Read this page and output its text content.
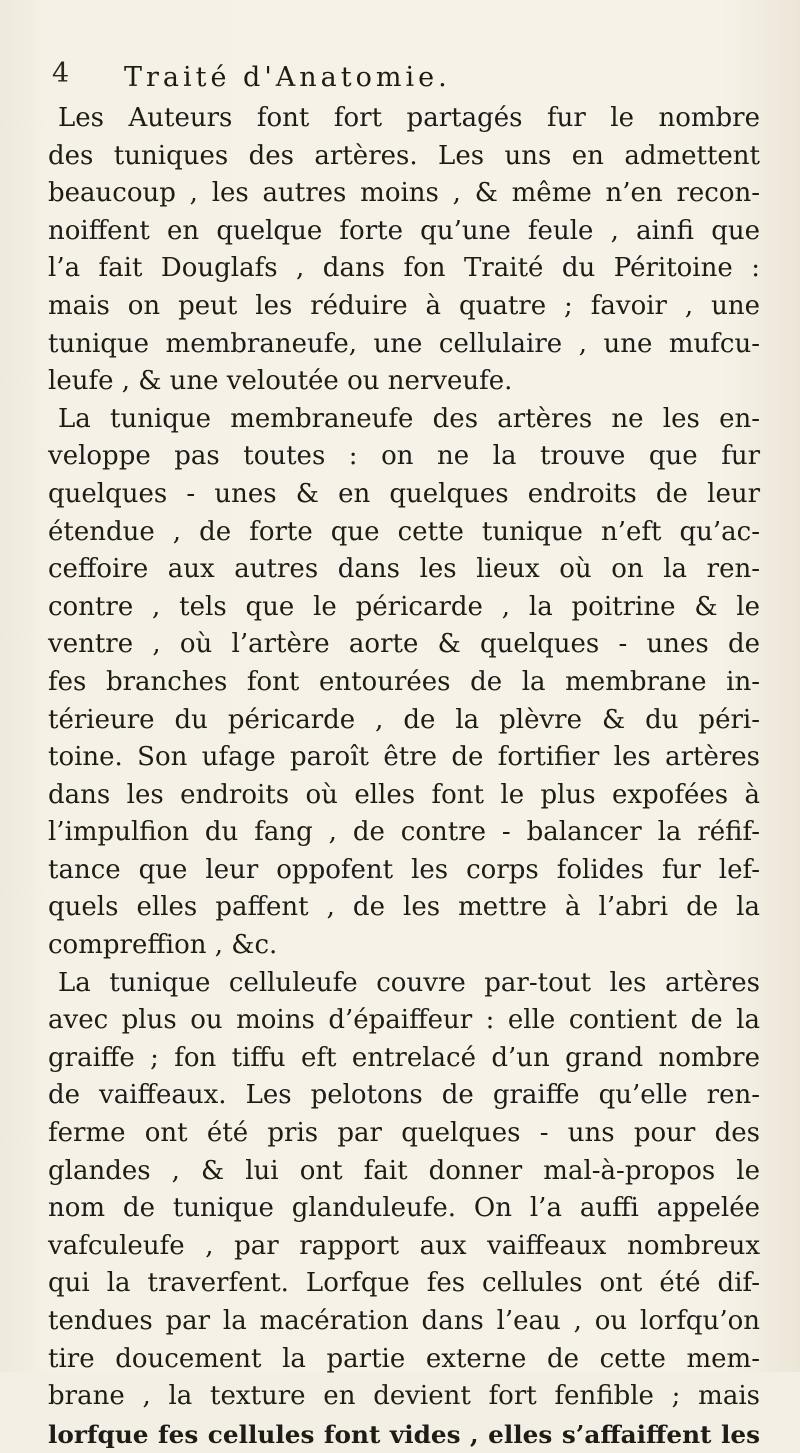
4 Traité d'Anatomie.
Les Auteurs font fort partagés fur le nombre
des tuniques des artères. Les uns en admettent
beaucoup , les autres moins , & même n’en recon-
noiffent en quelque forte qu’une feule , ainfi que
l’a fait Douglafs , dans fon Traité du Péritoine :
mais on peut les réduire à quatre ; favoir , une
tunique membraneufe, une cellulaire , une mufcu-
leufe , & une veloutée ou nerveufe.
La tunique membraneufe des artères ne les en-
veloppe pas toutes : on ne la trouve que fur
quelques - unes & en quelques endroits de leur
étendue , de forte que cette tunique n’eft qu’ac-
ceffoire aux autres dans les lieux où on la ren-
contre , tels que le péricarde , la poitrine & le
ventre , où l’artère aorte & quelques - unes de
fes branches font entourées de la membrane in-
térieure du péricarde , de la plèvre & du péri-
toine. Son ufage paroît être de fortifier les artères
dans les endroits où elles font le plus expofées à
l’impulfion du fang , de contre - balancer la réfif-
tance que leur oppofent les corps folides fur lef-
quels elles paffent , de les mettre à l’abri de la
compreffion , &c.
La tunique celluleufe couvre par-tout les artères
avec plus ou moins d’épaiffeur : elle contient de la
graiffe ; fon tiffu eft entrelacé d’un grand nombre
de vaiffeaux. Les pelotons de graiffe qu’elle ren-
ferme ont été pris par quelques - uns pour des
glandes , & lui ont fait donner mal-à-propos le
nom de tunique glanduleufe. On l’a auffi appelée
vafculeufe , par rapport aux vaiffeaux nombreux
qui la traverfent. Lorfque fes cellules ont été dif-
tendues par la macération dans l’eau , ou lorfqu’on
tire doucement la partie externe de cette mem-
brane , la texture en devient fort fenfible ; mais
lorfque fes cellules font vides , elles s’affaiffent les
